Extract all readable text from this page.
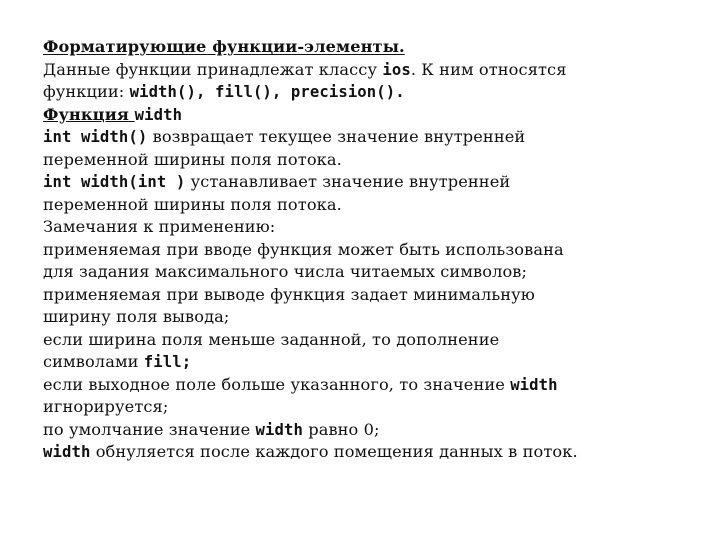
Форматирующие функции-элементы.
Данные функции принадлежат классу ios. К ним относятся
функции: width(), fill(), precision().
Функция width
int width() возвращает текущее значение внутренней
переменной ширины поля потока.
int width(int ) устанавливает значение внутренней
переменной ширины поля потока.
Замечания к применению:
применяемая при вводе функция может быть использована
для задания максимального числа читаемых символов;
применяемая при выводе функция задает минимальную
ширину поля вывода;
если ширина поля меньше заданной, то дополнение
символами fill;
если выходное поле больше указанного, то значение width
игнорируется;
по умолчание значение width равно 0;
width обнуляется после каждого помещения данных в поток.
